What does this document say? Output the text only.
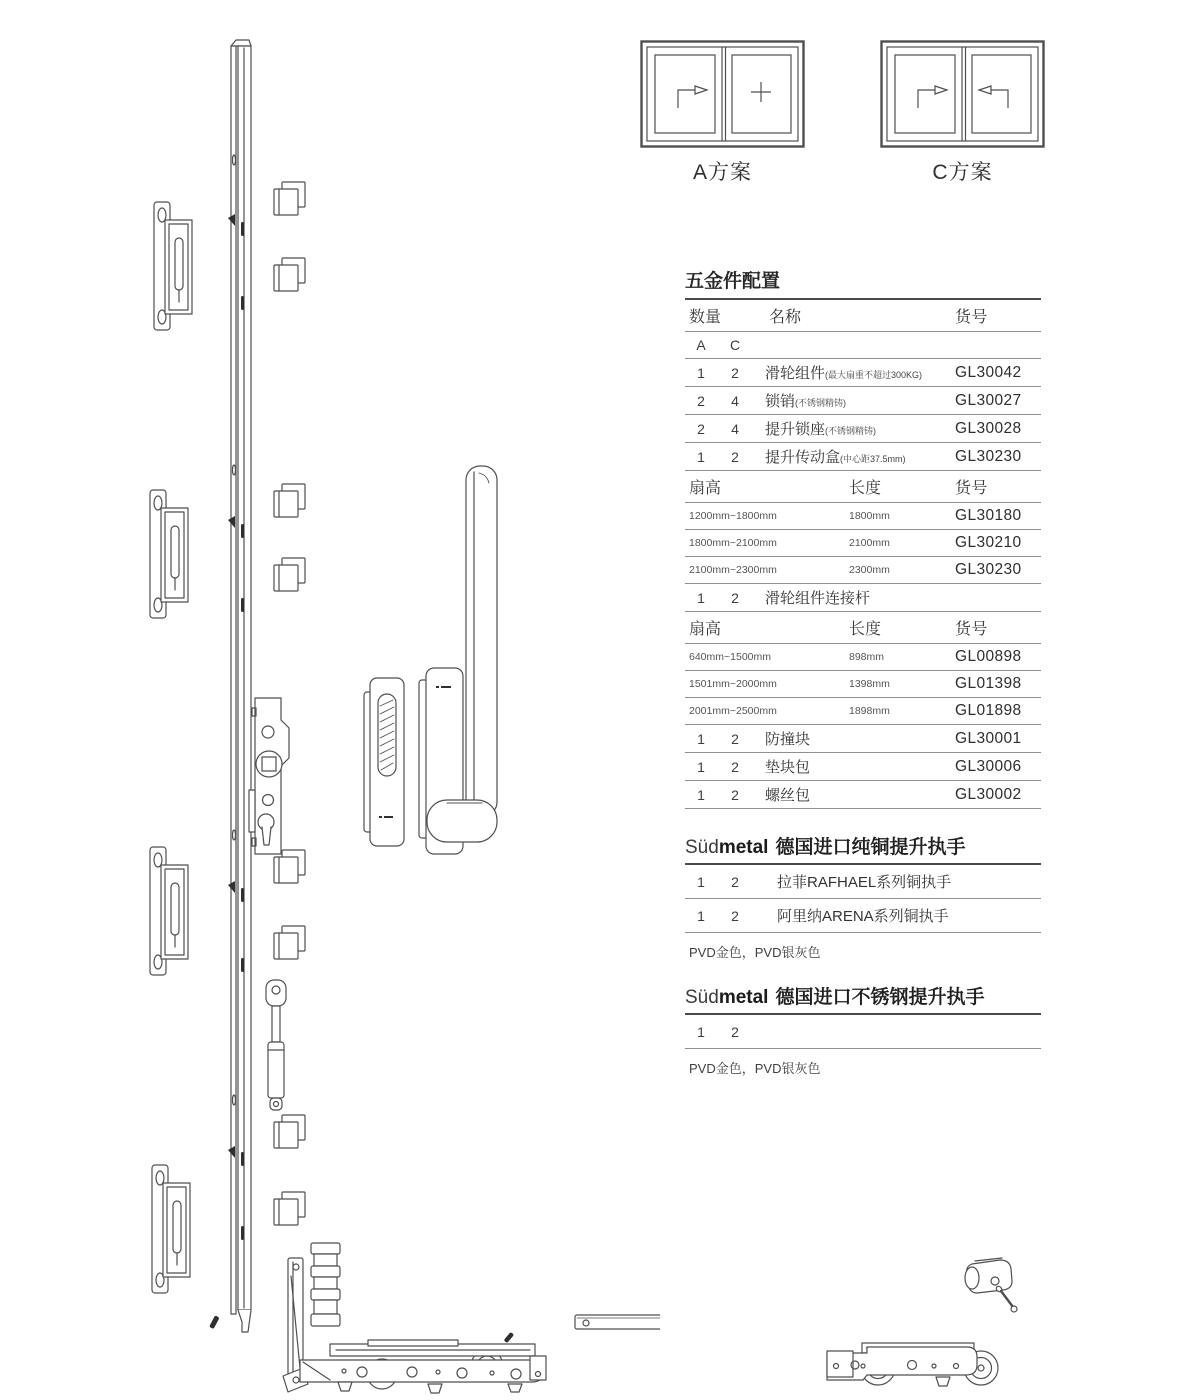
A方案	C方案
五金件配置
数量	名称	货号
A	C
1	2	滑轮组件(最大扇重不超过300KG)	GL30042
2	4	锁销(不锈钢精铸)	GL30027
2	4	提升锁座(不锈钢精铸)	GL30028
1	2	提升传动盒(中心距37.5mm)	GL30230
扇高	长度	货号
1200mm~1800mm	1800mm	GL30180
1800mm~2100mm	2100mm	GL30210
2100mm~2300mm	2300mm	GL30230
1	2	滑轮组件连接杆
扇高	长度	货号
640mm~1500mm	898mm	GL00898
1501mm~2000mm	1398mm	GL01398
2001mm~2500mm	1898mm	GL01898
1	2	防撞块	GL30001
1	2	垫块包	GL30006
1	2	螺丝包	GL30002
Südmetal 德国进口纯铜提升执手
1	2	拉菲RAFHAEL系列铜执手
1	2	阿里纳ARENA系列铜执手
PVD金色，PVD银灰色
Südmetal 德国进口不锈钢提升执手
1	2
PVD金色，PVD银灰色
